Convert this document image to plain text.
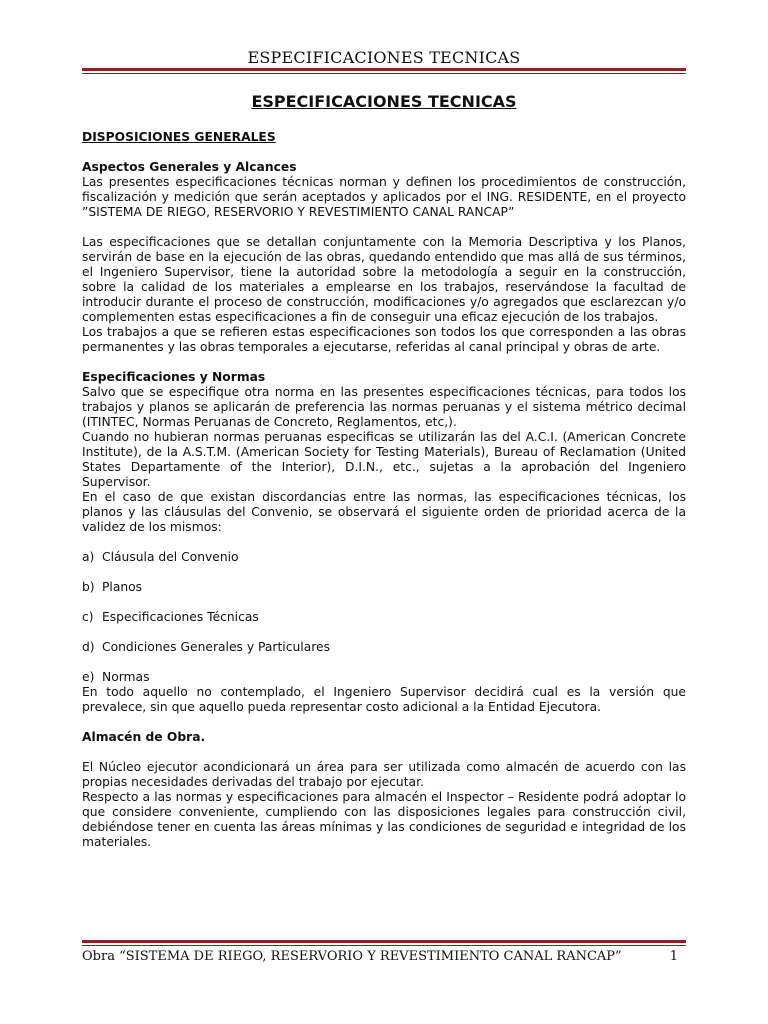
ESPECIFICACIONES TECNICAS
ESPECIFICACIONES TECNICAS
DISPOSICIONES GENERALES
Aspectos Generales y Alcances

Las presentes especificaciones técnicas norman y definen los procedimientos de construcción, fiscalización y medición que serán aceptados y aplicados por el ING. RESIDENTE, en el proyecto ”SISTEMA DE RIEGO, RESERVORIO Y REVESTIMIENTO CANAL RANCAP”

Las especificaciones que se detallan conjuntamente con la Memoria Descriptiva y los Planos, servirán de base en la ejecución de las obras, quedando entendido que mas allá de sus términos, el Ingeniero Supervisor, tiene la autoridad sobre la metodología a seguir en la construcción, sobre la calidad de los materiales a emplearse en los trabajos, reservándose la facultad de introducir durante el proceso de construcción, modificaciones y/o agregados que esclarezcan y/o complementen estas especificaciones a fin de conseguir una eficaz ejecución de los trabajos.

Los trabajos a que se refieren estas especificaciones son todos los que corresponden a las obras permanentes y las obras temporales a ejecutarse, referidas al canal principal y obras de arte.

Especificaciones y Normas

Salvo que se especifique otra norma en las presentes especificaciones técnicas, para todos los trabajos y planos se aplicarán de preferencia las normas peruanas y el sistema métrico decimal (ITINTEC, Normas Peruanas de Concreto, Reglamentos, etc,).

Cuando no hubieran normas peruanas especificas se utilizarán las del A.C.I. (American Concrete Institute), de la A.S.T.M. (American Society for Testing Materials), Bureau of Reclamation (United States Departamente of the Interior), D.I.N., etc., sujetas a la aprobación del Ingeniero Supervisor.

En el caso de que existan discordancias entre las normas, las especificaciones técnicas, los planos y las cláusulas del Convenio, se observará el siguiente orden de prioridad acerca de la validez de los mismos:

a) Cláusula del Convenio
b) Planos
c) Especificaciones Técnicas
d) Condiciones Generales y Particulares
e) Normas

En todo aquello no contemplado, el Ingeniero Supervisor decidirá cual es la versión que prevalece, sin que aquello pueda representar costo adicional a la Entidad Ejecutora.

Almacén de Obra.

El Núcleo ejecutor acondicionará un área para ser utilizada como almacén de acuerdo con las propias necesidades derivadas del trabajo por ejecutar.

Respecto a las normas y especificaciones para almacén el Inspector – Residente podrá adoptar lo que considere conveniente, cumpliendo con las disposiciones legales para construcción civil, debiéndose tener en cuenta las áreas mínimas y las condiciones de seguridad e integridad de los materiales.

Obra “SISTEMA DE RIEGO, RESERVORIO Y REVESTIMIENTO CANAL RANCAP”	1
